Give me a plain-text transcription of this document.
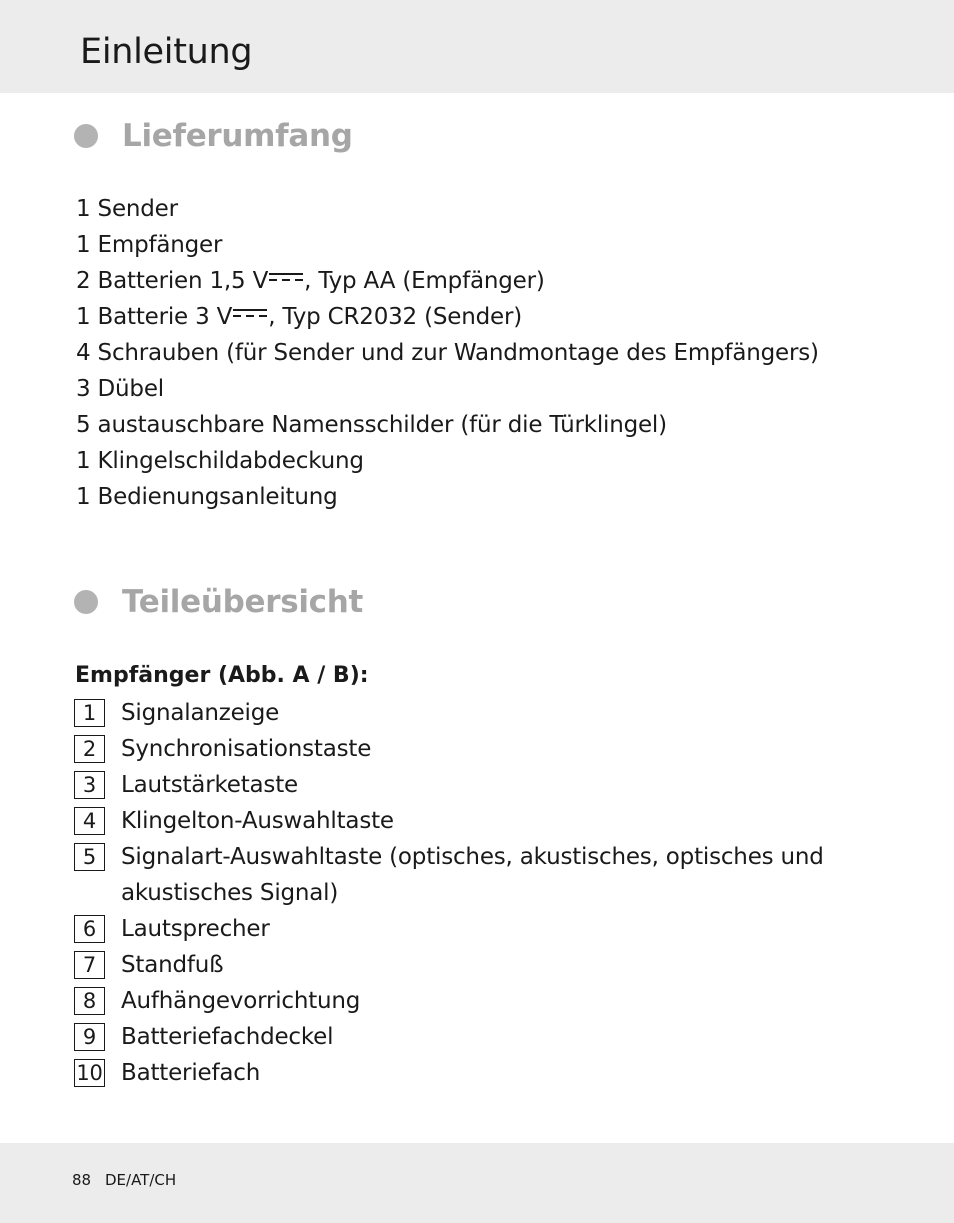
Einleitung
Lieferumfang
1 Sender
1 Empfänger
2 Batterien 1,5 V , Typ AA (Empfänger)
1 Batterie 3 V , Typ CR2032 (Sender)
4 Schrauben (für Sender und zur Wandmontage des Empfängers)
3 Dübel
5 austauschbare Namensschilder (für die Türklingel)
1 Klingelschildabdeckung
1 Bedienungsanleitung
Teileübersicht

Empfänger (Abb. A / B):

1	Signalanzeige
2	Synchronisationstaste
3	Lautstärketaste
4	Klingelton-Auswahltaste
5	Signalart-Auswahltaste (optisches, akustisches, optisches und akustisches Signal)
6	Lautsprecher
7	Standfuß
8	Aufhängevorrichtung
9	Batteriefachdeckel
10 Batteriefach
88 DE/AT/CH
